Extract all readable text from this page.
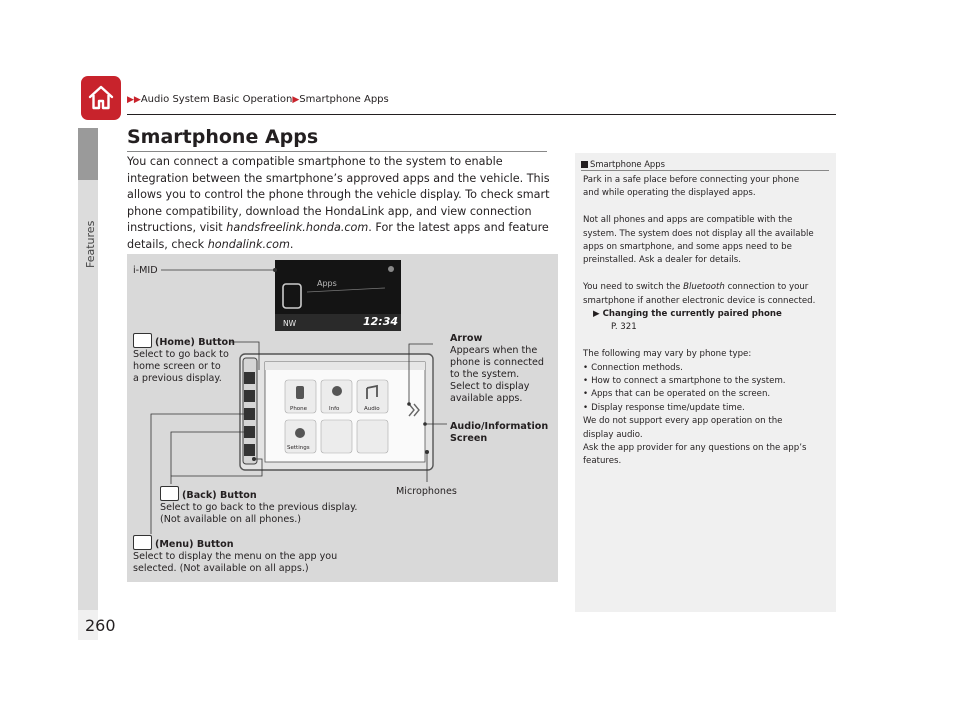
Features
260
▶▶Audio System Basic Operation▶Smartphone Apps
Smartphone Apps
You can connect a compatible smartphone to the system to enable integration between the smartphone’s approved apps and the vehicle. This allows you to control the phone through the vehicle display. To check smart phone compatibility, download the HondaLink app, and view connection instructions, visit handsfreelink.honda.com. For the latest apps and feature details, check hondalink.com.
i-MID
Apps
NW	12:34
Phone	Info	Audio
Settings
(Home) Button
Select to go back to
home screen or to
a previous display.
Arrow
Appears when the
phone is connected
to the system.
Select to display
available apps.
Audio/Information
Screen
Microphones
(Back) Button
Select to go back to the previous display.
(Not available on all phones.)
(Menu) Button
Select to display the menu on the app you
selected. (Not available on all apps.)
Smartphone Apps

Park in a safe place before connecting your phone
and while operating the displayed apps.

Not all phones and apps are compatible with the
system. The system does not display all the available
apps on smartphone, and some apps need to be
preinstalled. Ask a dealer for details.

You need to switch the Bluetooth connection to your
smartphone if another electronic device is connected.
▶ Changing the currently paired phone

P. 321

The following may vary by phone type:
• Connection methods.
• How to connect a smartphone to the system.
• Apps that can be operated on the screen.
• Display response time/update time.
We do not support every app operation on the
display audio.
Ask the app provider for any questions on the app’s
features.
